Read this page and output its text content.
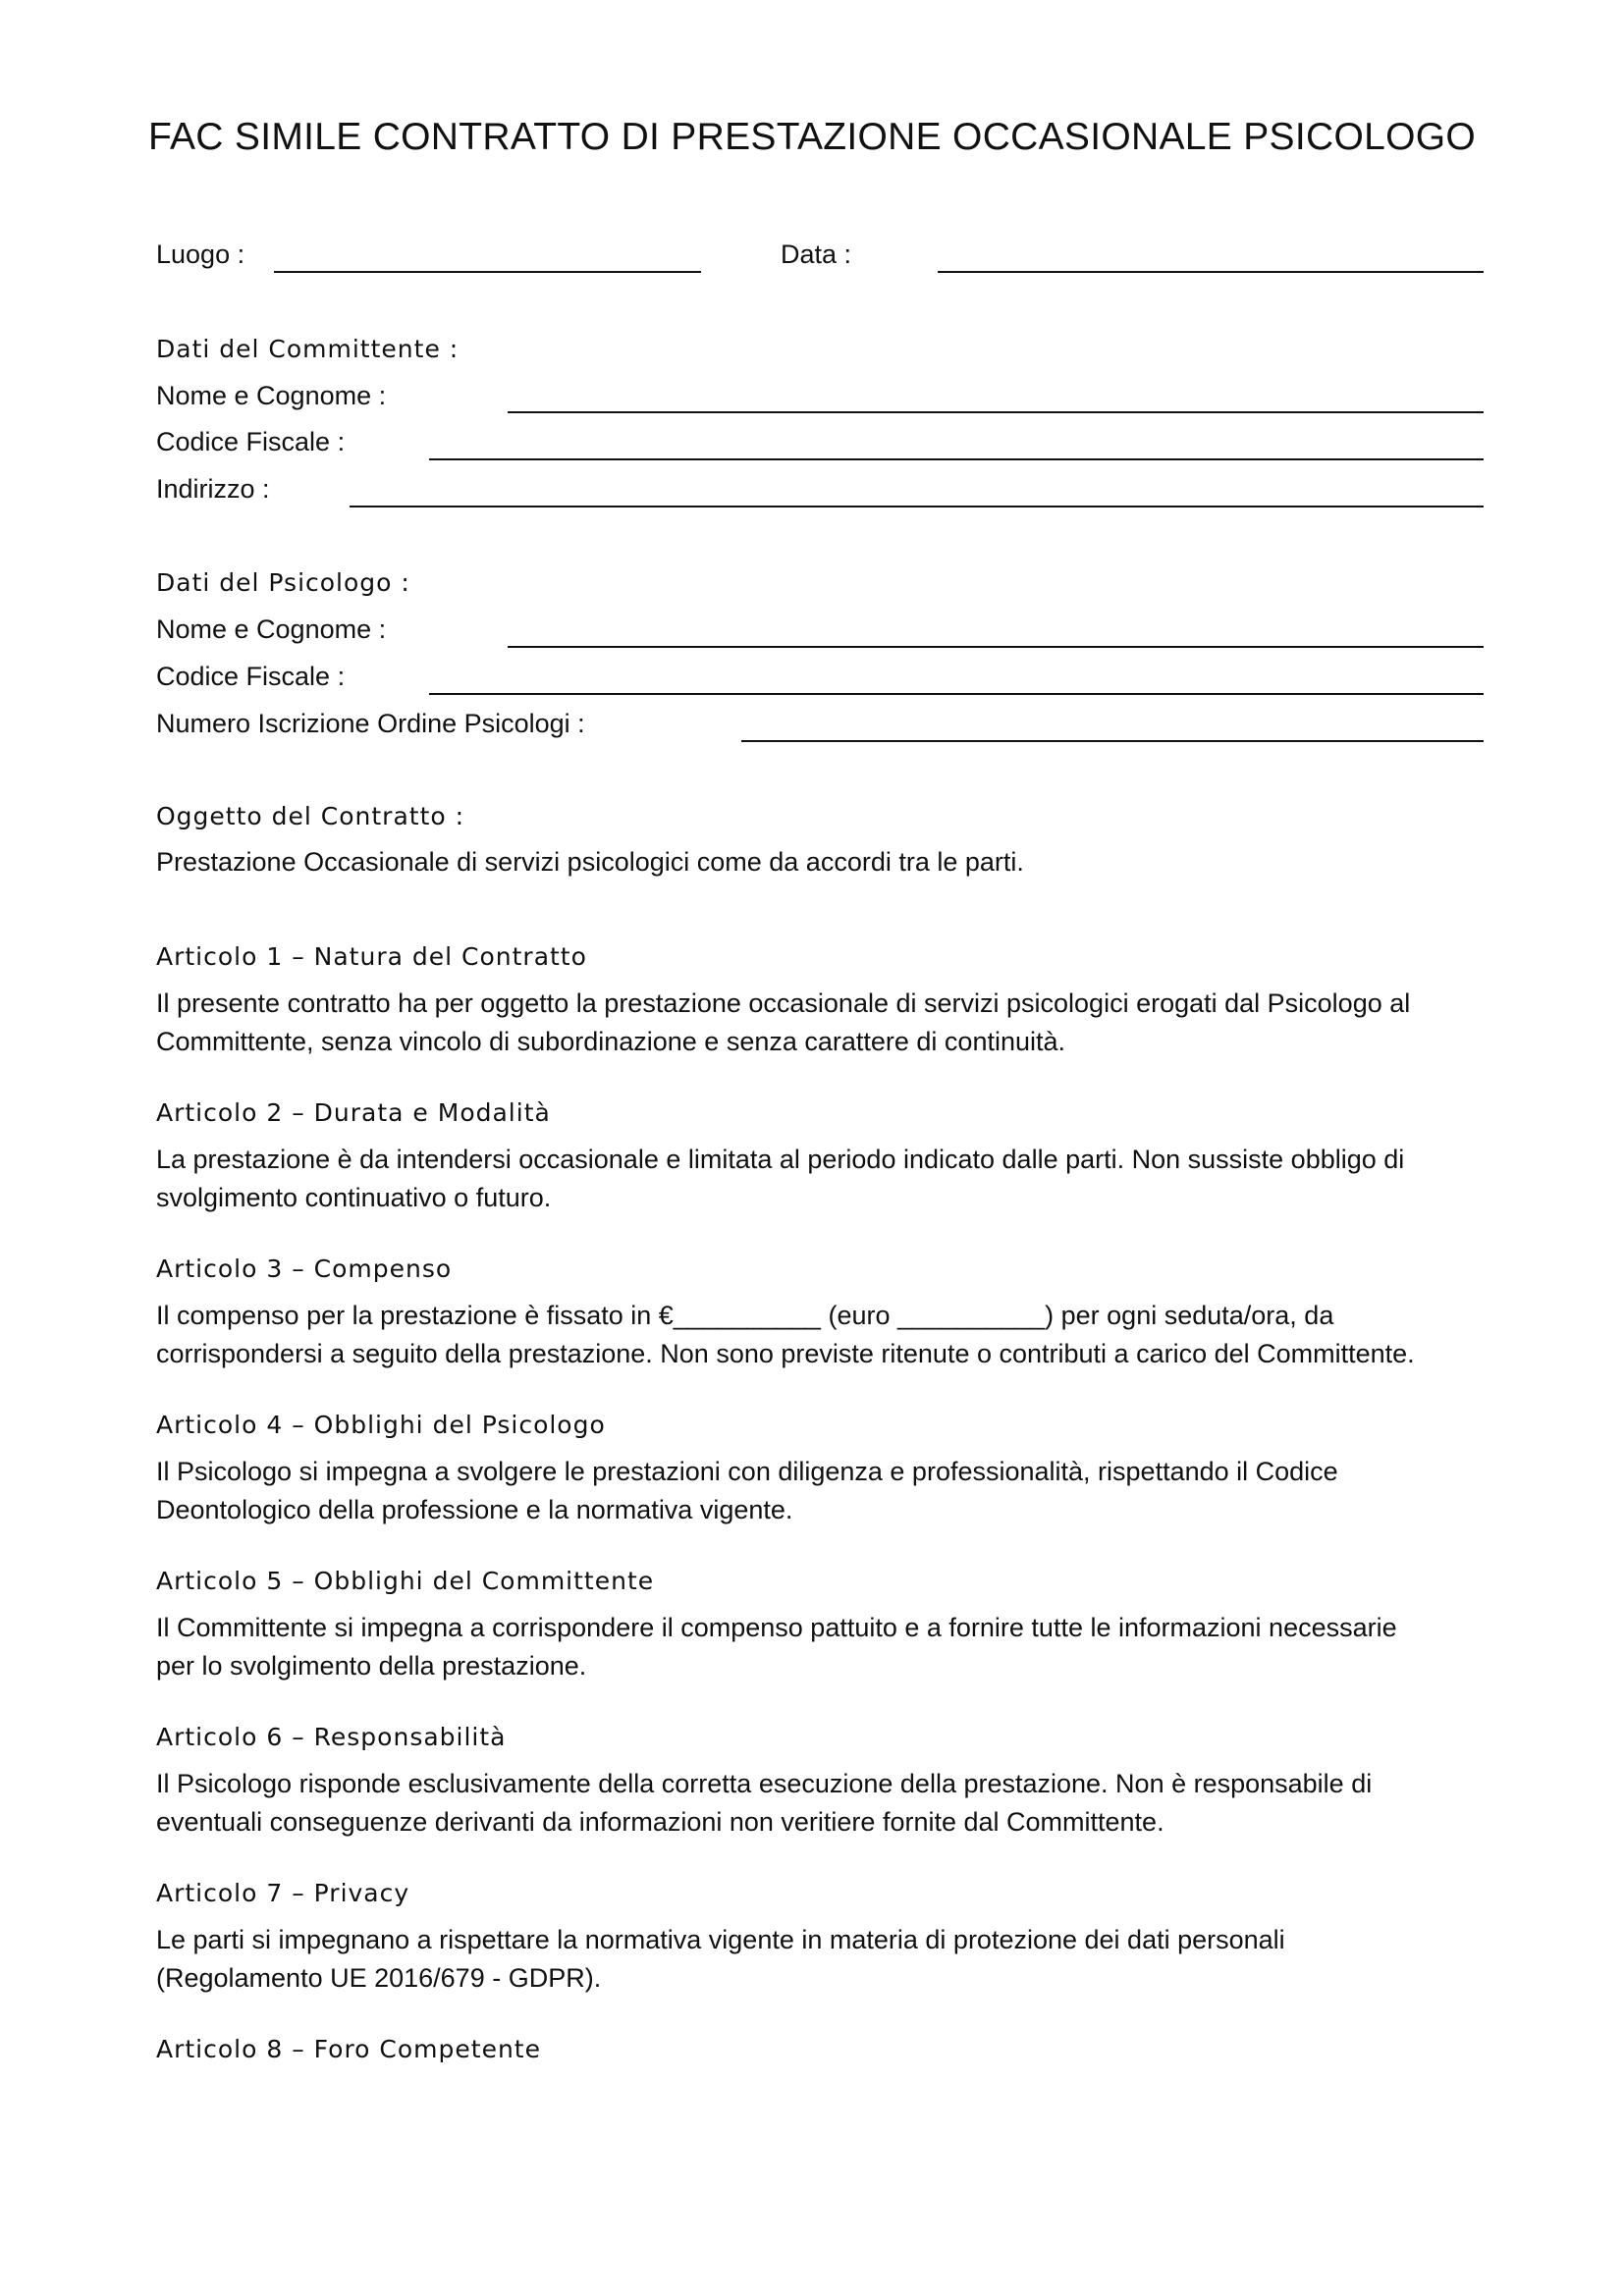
FAC SIMILE CONTRATTO DI PRESTAZIONE OCCASIONALE PSICOLOGO
Luogo :	Data :
Dati del Committente :
Nome e Cognome :
Codice Fiscale :
Indirizzo :
Dati del Psicologo :
Nome e Cognome :
Codice Fiscale :
Numero Iscrizione Ordine Psicologi :
Oggetto del Contratto :
Prestazione Occasionale di servizi psicologici come da accordi tra le parti.
Articolo 1 – Natura del Contratto
Il presente contratto ha per oggetto la prestazione occasionale di servizi psicologici erogati dal Psicologo al
Committente, senza vincolo di subordinazione e senza carattere di continuità.
Articolo 2 – Durata e Modalità
La prestazione è da intendersi occasionale e limitata al periodo indicato dalle parti. Non sussiste obbligo di
svolgimento continuativo o futuro.
Articolo 3 – Compenso
Il compenso per la prestazione è fissato in €__________ (euro __________) per ogni seduta/ora, da
corrispondersi a seguito della prestazione. Non sono previste ritenute o contributi a carico del Committente.
Articolo 4 – Obblighi del Psicologo
Il Psicologo si impegna a svolgere le prestazioni con diligenza e professionalità, rispettando il Codice
Deontologico della professione e la normativa vigente.
Articolo 5 – Obblighi del Committente
Il Committente si impegna a corrispondere il compenso pattuito e a fornire tutte le informazioni necessarie
per lo svolgimento della prestazione.
Articolo 6 – Responsabilità
Il Psicologo risponde esclusivamente della corretta esecuzione della prestazione. Non è responsabile di
eventuali conseguenze derivanti da informazioni non veritiere fornite dal Committente.
Articolo 7 – Privacy
Le parti si impegnano a rispettare la normativa vigente in materia di protezione dei dati personali
(Regolamento UE 2016/679 - GDPR).
Articolo 8 – Foro Competente
